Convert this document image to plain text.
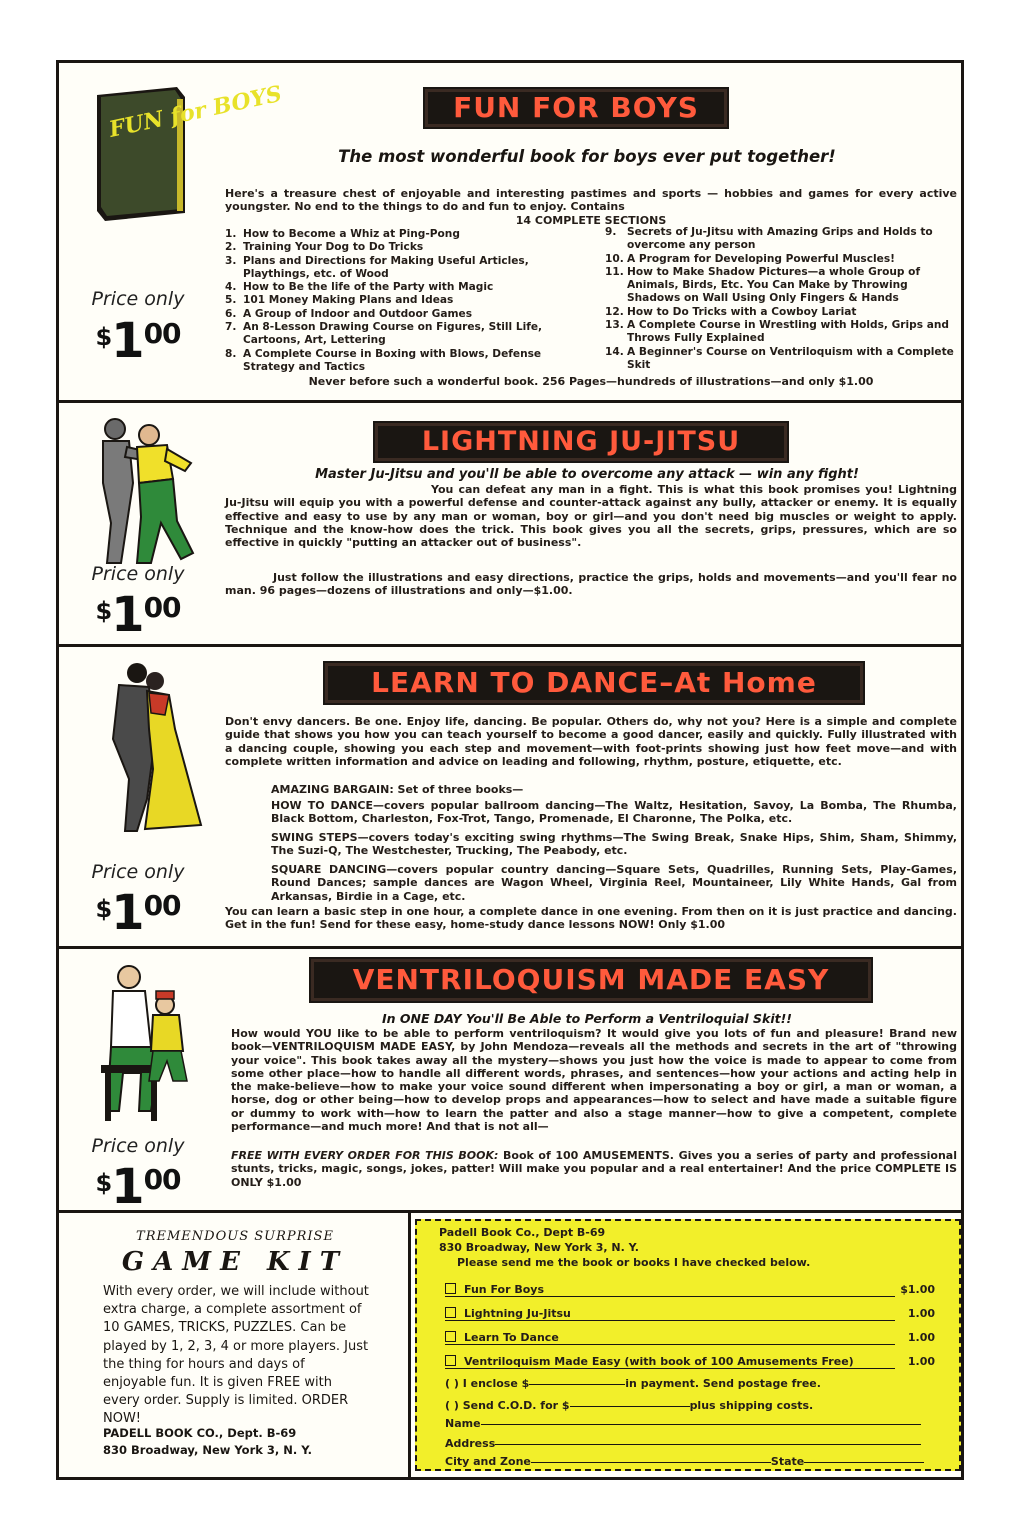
FUN for BOYS
Price only
$^{\$}1^{00}$
FUN FOR BOYS
The most wonderful book for boys ever put together!
Here's a treasure chest of enjoyable and interesting pastimes and sports — hobbies and games for every active youngster. No end to the things to do and fun to enjoy. Contains
14 COMPLETE SECTIONS
1. How to Become a Whiz at Ping-Pong
2. Training Your Dog to Do Tricks
3. Plans and Directions for Making Useful Articles, Playthings, etc. of Wood
4. How to Be the life of the Party with Magic
5. 101 Money Making Plans and Ideas
6. A Group of Indoor and Outdoor Games
7. An 8-Lesson Drawing Course on Figures, Still Life, Cartoons, Art, Lettering
8. A Complete Course in Boxing with Blows, Defense Strategy and Tactics
9. Secrets of Ju-Jitsu with Amazing Grips and Holds to overcome any person
10. A Program for Developing Powerful Muscles!
11. How to Make Shadow Pictures—a whole Group of Animals, Birds, Etc. You Can Make by Throwing Shadows on Wall Using Only Fingers & Hands
12. How to Do Tricks with a Cowboy Lariat
13. A Complete Course in Wrestling with Holds, Grips and Throws Fully Explained
14. A Beginner's Course on Ventriloquism with a Complete Skit
Never before such a wonderful book. 256 Pages—hundreds of illustrations—and only $1.00
Price only
$^{\$}1^{00}$
LIGHTNING JU-JITSU
Master Ju-Jitsu and you'll be able to overcome any attack — win any fight!
You can defeat any man in a fight. This is what this book promises you! Lightning Ju-Jitsu will equip you with a powerful defense and counter-attack against any bully, attacker or enemy. It is equally effective and easy to use by any man or woman, boy or girl—and you don't need big muscles or weight to apply. Technique and the know-how does the trick. This book gives you all the secrets, grips, pressures, which are so effective in quickly "putting an attacker out of business".
Just follow the illustrations and easy directions, practice the grips, holds and movements—and you'll fear no man. 96 pages—dozens of illustrations and only—$1.00.
Price only
$^{\$}1^{00}$
LEARN TO DANCE–At Home
Don't envy dancers. Be one. Enjoy life, dancing. Be popular. Others do, why not you? Here is a simple and complete guide that shows you how you can teach yourself to become a good dancer, easily and quickly. Fully illustrated with a dancing couple, showing you each step and movement—with foot-prints showing just how feet move—and with complete written information and advice on leading and following, rhythm, posture, etiquette, etc.
AMAZING BARGAIN: Set of three books—
HOW TO DANCE—covers popular ballroom dancing—The Waltz, Hesitation, Savoy, La Bomba, The Rhumba, Black Bottom, Charleston, Fox-Trot, Tango, Promenade, El Charonne, The Polka, etc.
SWING STEPS—covers today's exciting swing rhythms—The Swing Break, Snake Hips, Shim, Sham, Shimmy, The Suzi-Q, The Westchester, Trucking, The Peabody, etc.
SQUARE DANCING—covers popular country dancing—Square Sets, Quadrilles, Running Sets, Play-Games, Round Dances; sample dances are Wagon Wheel, Virginia Reel, Mountaineer, Lily White Hands, Gal from Arkansas, Birdie in a Cage, etc.
You can learn a basic step in one hour, a complete dance in one evening. From then on it is just practice and dancing. Get in the fun! Send for these easy, home-study dance lessons NOW! Only $1.00
Price only
$^{\$}1^{00}$
VENTRILOQUISM MADE EASY
In ONE DAY You'll Be Able to Perform a Ventriloquial Skit!!
How would YOU like to be able to perform ventriloquism? It would give you lots of fun and pleasure! Brand new book—VENTRILOQUISM MADE EASY, by John Mendoza—reveals all the methods and secrets in the art of "throwing your voice". This book takes away all the mystery—shows you just how the voice is made to appear to come from some other place—how to handle all different words, phrases, and sentences—how your actions and acting help in the make-believe—how to make your voice sound different when impersonating a boy or girl, a man or woman, a horse, dog or other being—how to develop props and appearances—how to select and have made a suitable figure or dummy to work with—how to learn the patter and also a stage manner—how to give a competent, complete performance—and much more! And that is not all—
FREE WITH EVERY ORDER FOR THIS BOOK: Book of 100 AMUSEMENTS. Gives you a series of party and professional stunts, tricks, magic, songs, jokes, patter! Will make you popular and a real entertainer! And the price COMPLETE IS ONLY $1.00
TREMENDOUS SURPRISE
GAME KIT
With every order, we will include without extra charge, a complete assortment of 10 GAMES, TRICKS, PUZZLES. Can be played by 1, 2, 3, 4 or more players. Just the thing for hours and days of enjoyable fun. It is given FREE with every order. Supply is limited. ORDER NOW!
PADELL BOOK CO., Dept. B-69
830 Broadway, New York 3, N. Y.
Padell Book Co., Dept B-69
830 Broadway, New York 3, N. Y.
Please send me the book or books I have checked below.
Fun For Boys	$1.00
Lightning Ju-Jitsu	1.00
Learn To Dance	1.00
Ventriloquism Made Easy (with book of 100 Amusements Free)	1.00
( ) I enclose $	in payment. Send postage free.
( ) Send C.O.D. for $	plus shipping costs.
Name
Address
City and Zone	State
